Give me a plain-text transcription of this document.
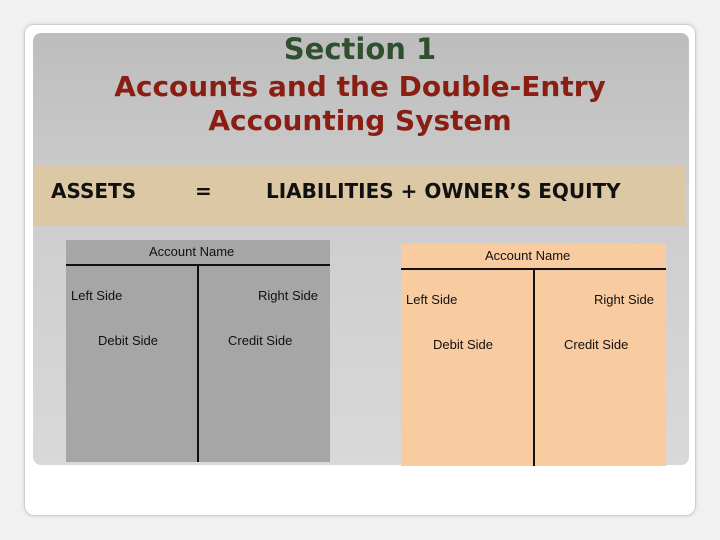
Section 1
Accounts and the Double-Entry
Accounting System
ASSETS	=	LIABILITIES + OWNER’S EQUITY
Account Name
Left Side	Right Side
Debit Side	Credit Side
Account Name
Left Side	Right Side
Debit Side	Credit Side
